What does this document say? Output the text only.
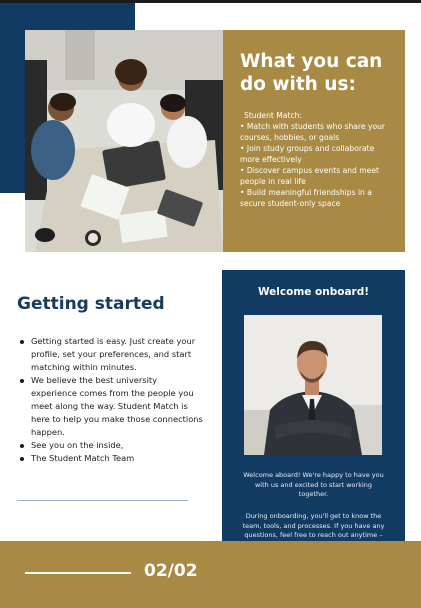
What you can
do with us:
Student Match:
• Match with students who share your courses, hobbies, or goals
• Join study groups and collaborate more effectively
• Discover campus events and meet people in real life
• Build meaningful friendships in a secure student-only space
Getting started
Getting started is easy. Just create your profile, set your preferences, and start matching within minutes.
We believe the best university experience comes from the people you meet along the way. Student Match is here to help you make those connections happen.
See you on the inside,
The Student Match Team
Welcome onboard!

Welcome aboard! We're happy to have you with us and excited to start working together.

During onboarding, you'll get to know the team, tools, and processes. If you have any questions, feel free to reach out anytime –

02/02
